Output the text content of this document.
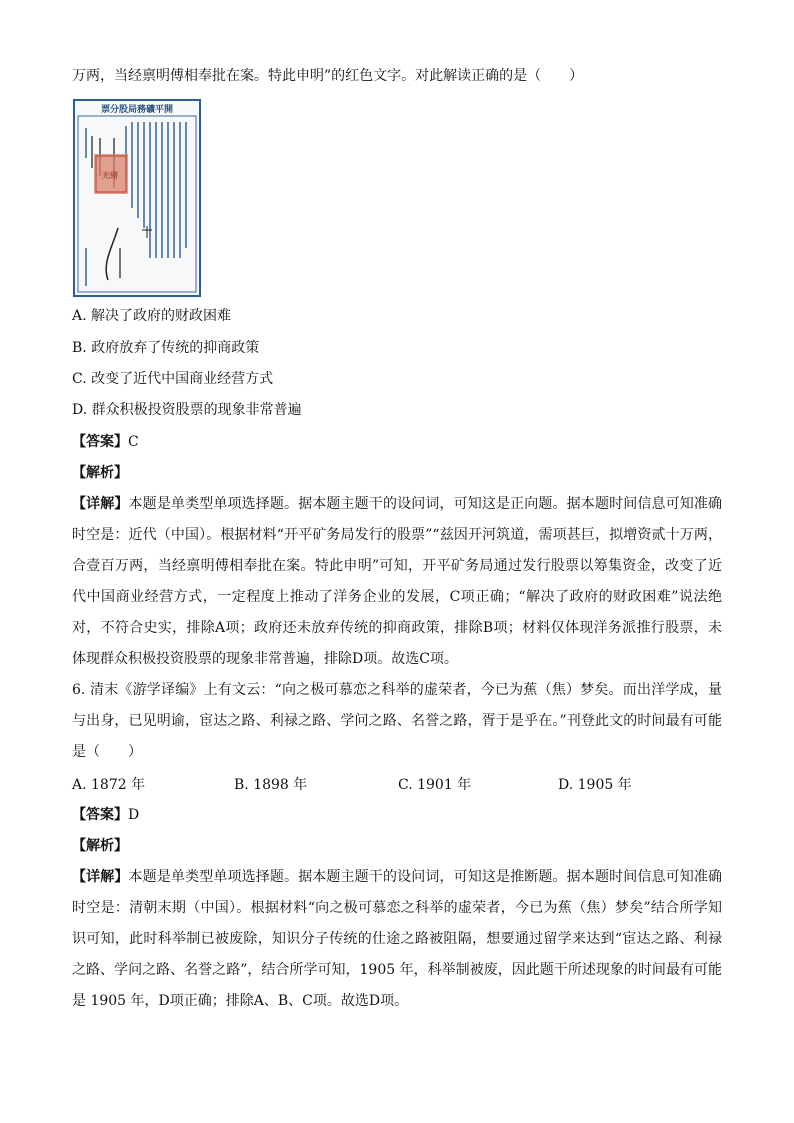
万两，当经禀明傅相奉批在案。特此申明”的红色文字。对此解读正确的是（　　）
票分股局務礦平開
光緒
A. 解决了政府的财政困难
B. 政府放弃了传统的抑商政策
C. 改变了近代中国商业经营方式
D. 群众积极投资股票的现象非常普遍
【答案】C
【解析】

【详解】本题是单类型单项选择题。据本题主题干的设问词，可知这是正向题。据本题时间信息可知准确时空是：近代（中国）。根据材料“开平矿务局发行的股票”“兹因开河筑道，需项甚巨，拟增资贰十万两，合壹百万两，当经禀明傅相奉批在案。特此申明”可知，开平矿务局通过发行股票以筹集资金，改变了近代中国商业经营方式，一定程度上推动了洋务企业的发展，C项正确；“解决了政府的财政困难”说法绝对，不符合史实，排除A项；政府还未放弃传统的抑商政策，排除B项；材料仅体现洋务派推行股票，未体现群众积极投资股票的现象非常普遍，排除D项。故选C项。

6. 清末《游学译编》上有文云：“向之极可慕恋之科举的虚荣者，今已为蕉（焦）梦矣。而出洋学成，量与出身，已见明谕，宦达之路、利禄之路、学问之路、名誉之路，胥于是乎在。”刊登此文的时间最有可能是（　　）

A. 1872 年	B. 1898 年	C. 1901 年	D. 1905 年
【答案】D
【解析】

【详解】本题是单类型单项选择题。据本题主题干的设问词，可知这是推断题。据本题时间信息可知准确时空是：清朝末期（中国）。根据材料“向之极可慕恋之科举的虚荣者，今已为蕉（焦）梦矣”结合所学知识可知，此时科举制已被废除，知识分子传统的仕途之路被阻隔，想要通过留学来达到“宦达之路、利禄之路、学问之路、名誉之路”，结合所学可知，1905 年，科举制被废，因此题干所述现象的时间最有可能是 1905 年，D项正确；排除A、B、C项。故选D项。
